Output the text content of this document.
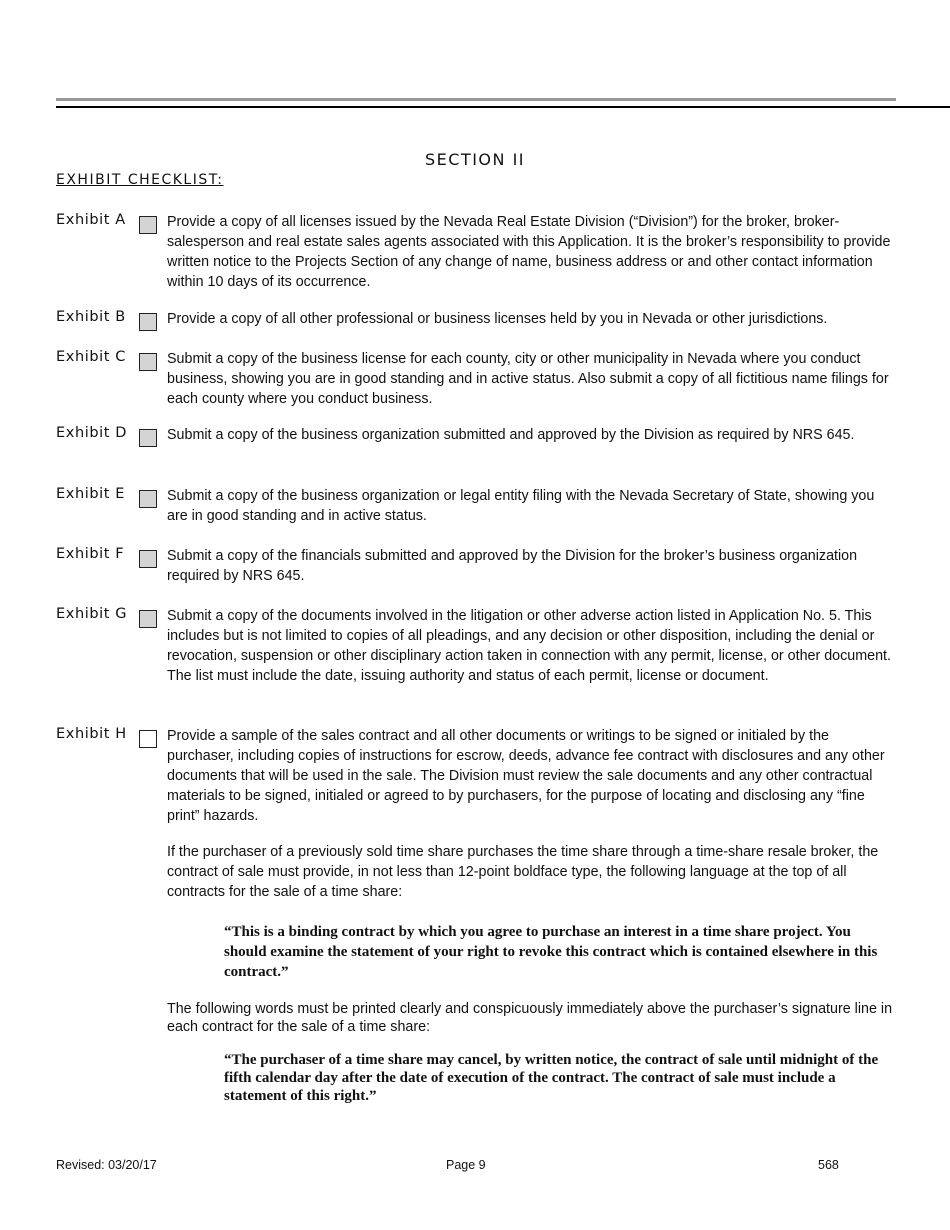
SECTION II
EXHIBIT CHECKLIST:
Exhibit A	Provide a copy of all licenses issued by the Nevada Real Estate Division (“Division”) for the broker, broker-salesperson and real estate sales agents associated with this Application. It is the broker’s responsibility to provide written notice to the Projects Section of any change of name, business address or and other contact information within 10 days of its occurrence.
Exhibit B	Provide a copy of all other professional or business licenses held by you in Nevada or other jurisdictions.
Exhibit C	Submit a copy of the business license for each county, city or other municipality in Nevada where you conduct business, showing you are in good standing and in active status. Also submit a copy of all fictitious name filings for each county where you conduct business.
Exhibit D	Submit a copy of the business organization submitted and approved by the Division as required by NRS 645.
Exhibit E	Submit a copy of the business organization or legal entity filing with the Nevada Secretary of State, showing you are in good standing and in active status.
Exhibit F	Submit a copy of the financials submitted and approved by the Division for the broker’s business organization required by NRS 645.
Exhibit G	Submit a copy of the documents involved in the litigation or other adverse action listed in Application No. 5. This includes but is not limited to copies of all pleadings, and any decision or other disposition, including the denial or revocation, suspension or other disciplinary action taken in connection with any permit, license, or other document. The list must include the date, issuing authority and status of each permit, license or document.
Exhibit H	Provide a sample of the sales contract and all other documents or writings to be signed or initialed by the purchaser, including copies of instructions for escrow, deeds, advance fee contract with disclosures and any other documents that will be used in the sale. The Division must review the sale documents and any other contractual materials to be signed, initialed or agreed to by purchasers, for the purpose of locating and disclosing any “fine print” hazards.
If the purchaser of a previously sold time share purchases the time share through a time-share resale broker, the contract of sale must provide, in not less than 12-point boldface type, the following language at the top of all contracts for the sale of a time share:
“This is a binding contract by which you agree to purchase an interest in a time share project. You should examine the statement of your right to revoke this contract which is contained elsewhere in this contract.”
The following words must be printed clearly and conspicuously immediately above the purchaser’s signature line in each contract for the sale of a time share:
“The purchaser of a time share may cancel, by written notice, the contract of sale until midnight of the fifth calendar day after the date of execution of the contract. The contract of sale must include a statement of this right.”
Revised: 03/20/17	Page 9	568
